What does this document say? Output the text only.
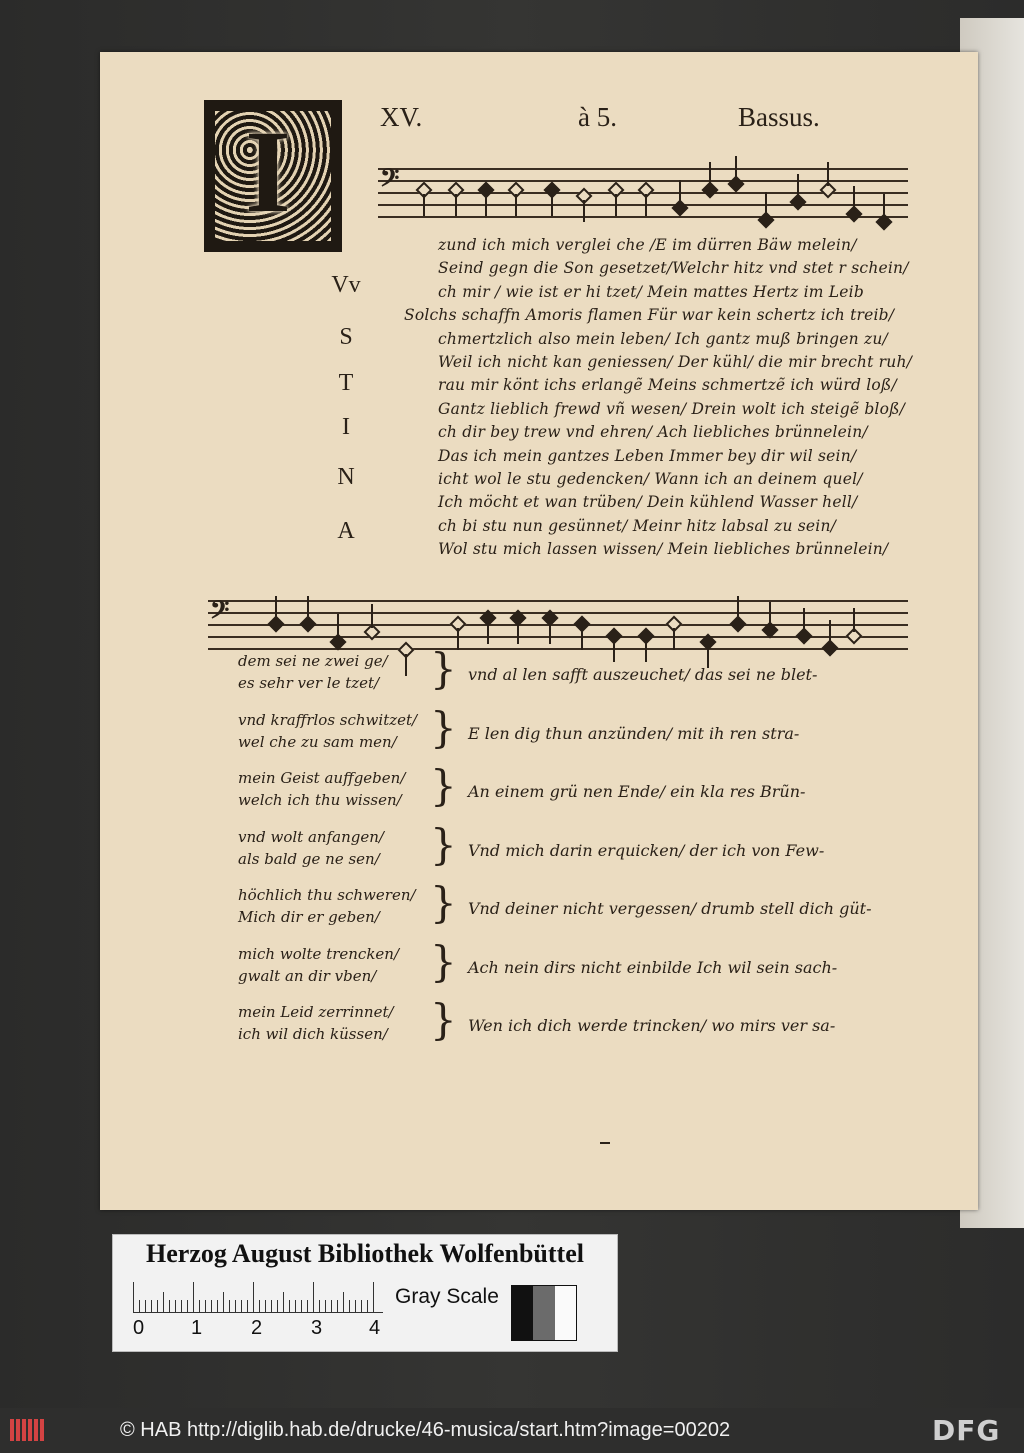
XV.	à 5.	Bassus.
I	𝄢
Vv
S
T
I
N
A
𝄢
zund ich mich verglei che /E im dürren Bäw melein/
Seind gegn die Son gesetzet/Welchr hitz vnd stet r schein/
ch mir / wie ist er hi tzet/ Mein mattes Hertz im Leib
Solchs schaffn Amoris flamen Für war kein schertz ich treib/
chmertzlich also mein leben/ Ich gantz muß bringen zu/
Weil ich nicht kan geniessen/ Der kühl/ die mir brecht ruh/
rau mir könt ichs erlangẽ Meins schmertzẽ ich würd loß/
Gantz lieblich frewd vñ wesen/ Drein wolt ich steigẽ bloß/
ch dir bey trew vnd ehren/ Ach liebliches brünnelein/
Das ich mein gantzes Leben Immer bey dir wil sein/
icht wol le stu gedencken/ Wann ich an deinem quel/
Ich möcht et wan trüben/ Dein kühlend Wasser hell/
ch bi stu nun gesünnet/ Meinr hitz labsal zu sein/
Wol stu mich lassen wissen/ Mein liebliches brünnelein/
dem sei ne zwei ge/
es sehr ver le tzet/ } vnd al len safft auszeuchet/ das sei ne blet-
vnd kraffrlos schwitzet/
wel che zu sam men/ } E len dig thun anzünden/ mit ih ren stra-
mein Geist auffgeben/
welch ich thu wissen/ } An einem grü nen Ende/ ein kla res Brũn-
vnd wolt anfangen/
als bald ge ne sen/ } Vnd mich darin erquicken/ der ich von Few-
höchlich thu schweren/
Mich dir er geben/ } Vnd deiner nicht vergessen/ drumb stell dich güt-
mich wolte trencken/
gwalt an dir vben/ } Ach nein dirs nicht einbilde Ich wil sein sach-
mein Leid zerrinnet/
ich wil dich küssen/ } Wen ich dich werde trincken/ wo mirs ver sa-
Herzog August Bibliothek Wolfenbüttel
0 1 2 3 4
Gray Scale
© HAB http://diglib.hab.de/drucke/46-musica/start.htm?image=00202	DFG
